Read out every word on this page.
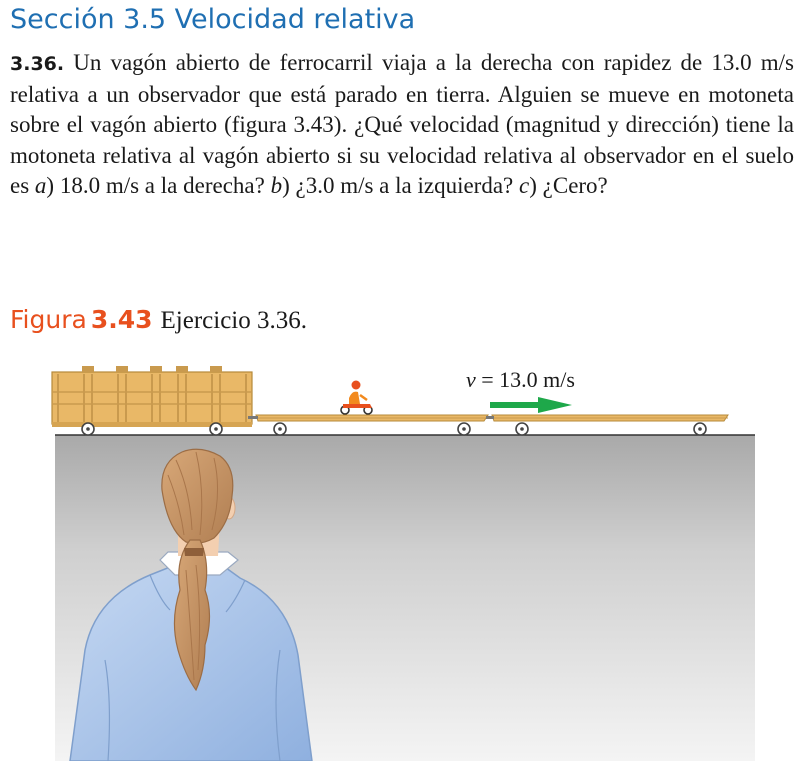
Sección 3.5 Velocidad relativa

3.36. Un vagón abierto de ferrocarril viaja a la derecha con rapidez de 13.0 m/s relativa a un observador que está parado en tierra. Alguien se mueve en motoneta sobre el vagón abierto (figura 3.43). ¿Qué velocidad (magnitud y dirección) tiene la motoneta relativa al vagón abierto si su velocidad relativa al observador en el suelo es a) 18.0 m/s a la derecha? b) ¿3.0 m/s a la izquierda? c) ¿Cero?

Figura 3.43 Ejercicio 3.36.
v = 13.0 m/s
